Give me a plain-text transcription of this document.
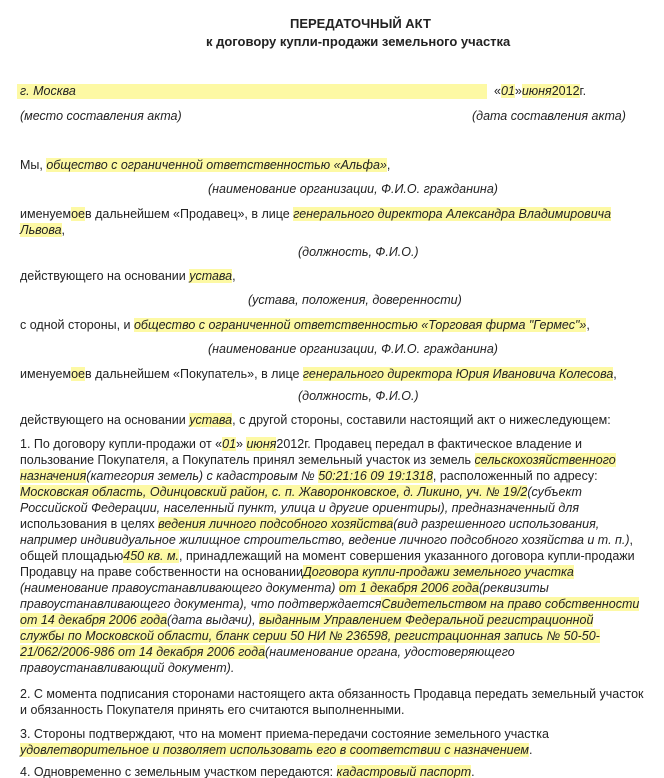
ПЕРЕДАТОЧНЫЙ АКТ
к договору купли-продажи земельного участка
г. Москва	«01»июня2012г.
(место составления акта)	(дата составления акта)
Мы, общество с ограниченной ответственностью «Альфа»,
(наименование организации, Ф.И.О. гражданина)
именуемоев дальнейшем «Продавец», в лице генерального директора Александра Владимировича
Львова,
(должность, Ф.И.О.)
действующего на основании устава,
(устава, положения, доверенности)
с одной стороны, и общество с ограниченной ответственностью «Торговая фирма "Гермес"»,
(наименование организации, Ф.И.О. гражданина)
именуемоев дальнейшем «Покупатель», в лице генерального директора Юрия Ивановича Колесова,
(должность, Ф.И.О.)
действующего на основании устава, с другой стороны, составили настоящий акт о нижеследующем:
1. По договору купли-продажи от «01» июня2012г. Продавец передал в фактическое владение и
пользование Покупателя, а Покупатель принял земельный участок из земель сельскохозяйственного
назначения(категория земель) с кадастровым № 50:21:16 09 19:1318, расположенный по адресу:
Московская область, Одинцовский район, с. п. Жаворонковское, д. Ликино, уч. № 19/2(субъект
Российской Федерации, населенный пункт, улица и другие ориентиры), предназначенный для
использования в целях ведения личного подсобного хозяйства(вид разрешенного использования,
например индивидуальное жилищное строительство, ведение личного подсобного хозяйства и т. п.),
общей площадью450 кв. м., принадлежащий на момент совершения указанного договора купли-продажи
Продавцу на праве собственности на основанииДоговора купли-продажи земельного участка
(наименование правоустанавливающего документа) от 1 декабря 2006 года(реквизиты
правоустанавливающего документа), что подтверждаетсяСвидетельством на право собственности
от 14 декабря 2006 года(дата выдачи), выданным Управлением Федеральной регистрационной
службы по Московской области, бланк серии 50 НИ № 236598, регистрационная запись № 50-50-
21/062/2006-986 от 14 декабря 2006 года(наименование органа, удостоверяющего
правоустанавливающий документ).
2. С момента подписания сторонами настоящего акта обязанность Продавца передать земельный участок
и обязанность Покупателя принять его считаются выполненными.
3. Стороны подтверждают, что на момент приема-передачи состояние земельного участка
удовлетворительное и позволяет использовать его в соответствии с назначением.
4. Одновременно с земельным участком передаются: кадастровый паспорт.
